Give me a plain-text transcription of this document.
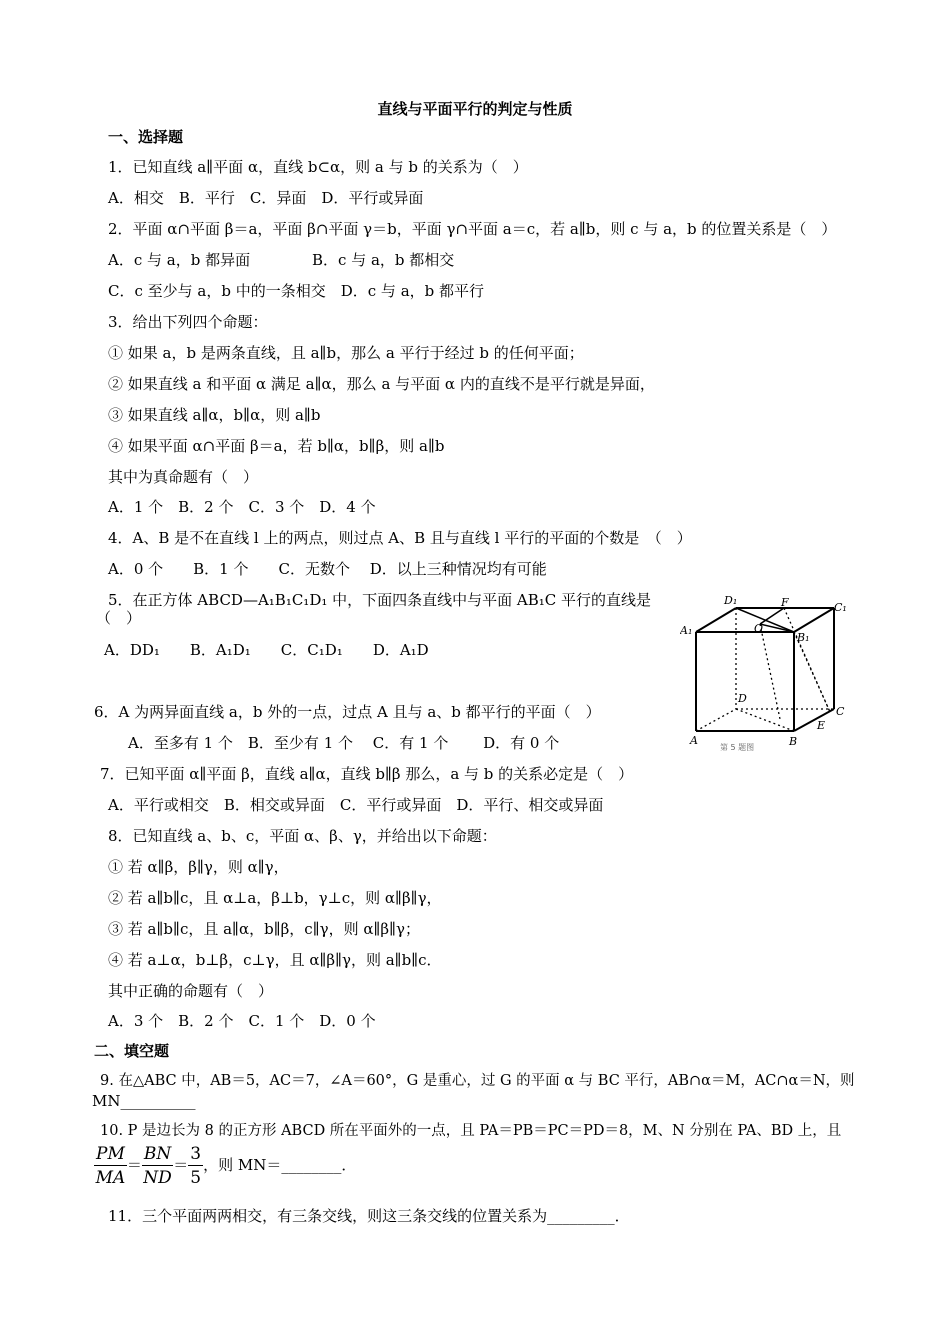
直线与平面平行的判定与性质
一、选择题
1．已知直线 a∥平面 α，直线 b⊂α，则 a 与 b 的关系为（　）
A．相交　B．平行　C．异面　D．平行或异面
2．平面 α∩平面 β＝a，平面 β∩平面 γ＝b，平面 γ∩平面 a＝c，若 a∥b，则 c 与 a，b 的位置关系是（　）
A．c 与 a，b 都异面	B．c 与 a，b 都相交
C．c 至少与 a，b 中的一条相交　D．c 与 a，b 都平行
3．给出下列四个命题：
① 如果 a，b 是两条直线，且 a∥b，那么 a 平行于经过 b 的任何平面；
② 如果直线 a 和平面 α 满足 a∥α，那么 a 与平面 α 内的直线不是平行就是异面，
③ 如果直线 a∥α，b∥α，则 a∥b
④ 如果平面 α∩平面 β＝a，若 b∥α，b∥β，则 a∥b
其中为真命题有（　）
A．1 个　B．2 个　C．3 个　D．4 个
4．A、B 是不在直线 l 上的两点，则过点 A、B 且与直线 l 平行的平面的个数是　（　）
A．0 个　　B．1 个　　C．无数个　 D．以上三种情况均有可能
5．在正方体 ABCD—A₁B₁C₁D₁ 中，下面四条直线中与平面 AB₁C 平行的直线是
（　）
A．DD₁　　B．A₁D₁　　C．C₁D₁　　D．A₁D
6．A 为两异面直线 a，b 外的一点，过点 A 且与 a、b 都平行的平面（　）
A．至多有 1 个　B．至少有 1 个　 C．有 1 个　　 D．有 0 个
7．已知平面 α∥平面 β，直线 a∥α，直线 b∥β 那么，a 与 b 的关系必定是（　）
A．平行或相交　B．相交或异面　C．平行或异面　D．平行、相交或异面
8．已知直线 a、b、c，平面 α、β、γ，并给出以下命题：
① 若 α∥β，β∥γ，则 α∥γ，
② 若 a∥b∥c，且 α⊥a，β⊥b，γ⊥c，则 α∥β∥γ，
③ 若 a∥b∥c，且 a∥α，b∥β，c∥γ，则 α∥β∥γ；
④ 若 a⊥α，b⊥β，c⊥γ，且 α∥β∥γ，则 a∥b∥c．
其中正确的命题有（　）
A．3 个　B．2 个　C．1 个　D．0 个
二、填空题
9. 在△ABC 中，AB＝5，AC＝7，∠A＝60°，G 是重心，过 G 的平面 α 与 BC 平行，AB∩α＝M，AC∩α＝N，则
MN__________
10. P 是边长为 8 的正方形 ABCD 所在平面外的一点，且 PA＝PB＝PC＝PD＝8，M、N 分别在 PA、BD 上，且
$\frac{PM}{MA} = \frac{BN}{ND} = \frac{3}{5}$ ，则 MN＝________．
11．三个平面两两相交，有三条交线，则这三条交线的位置关系为_________．
D₁	F	C₁
A₁	O
B₁
D
C
E
A	B
第 5 题图
